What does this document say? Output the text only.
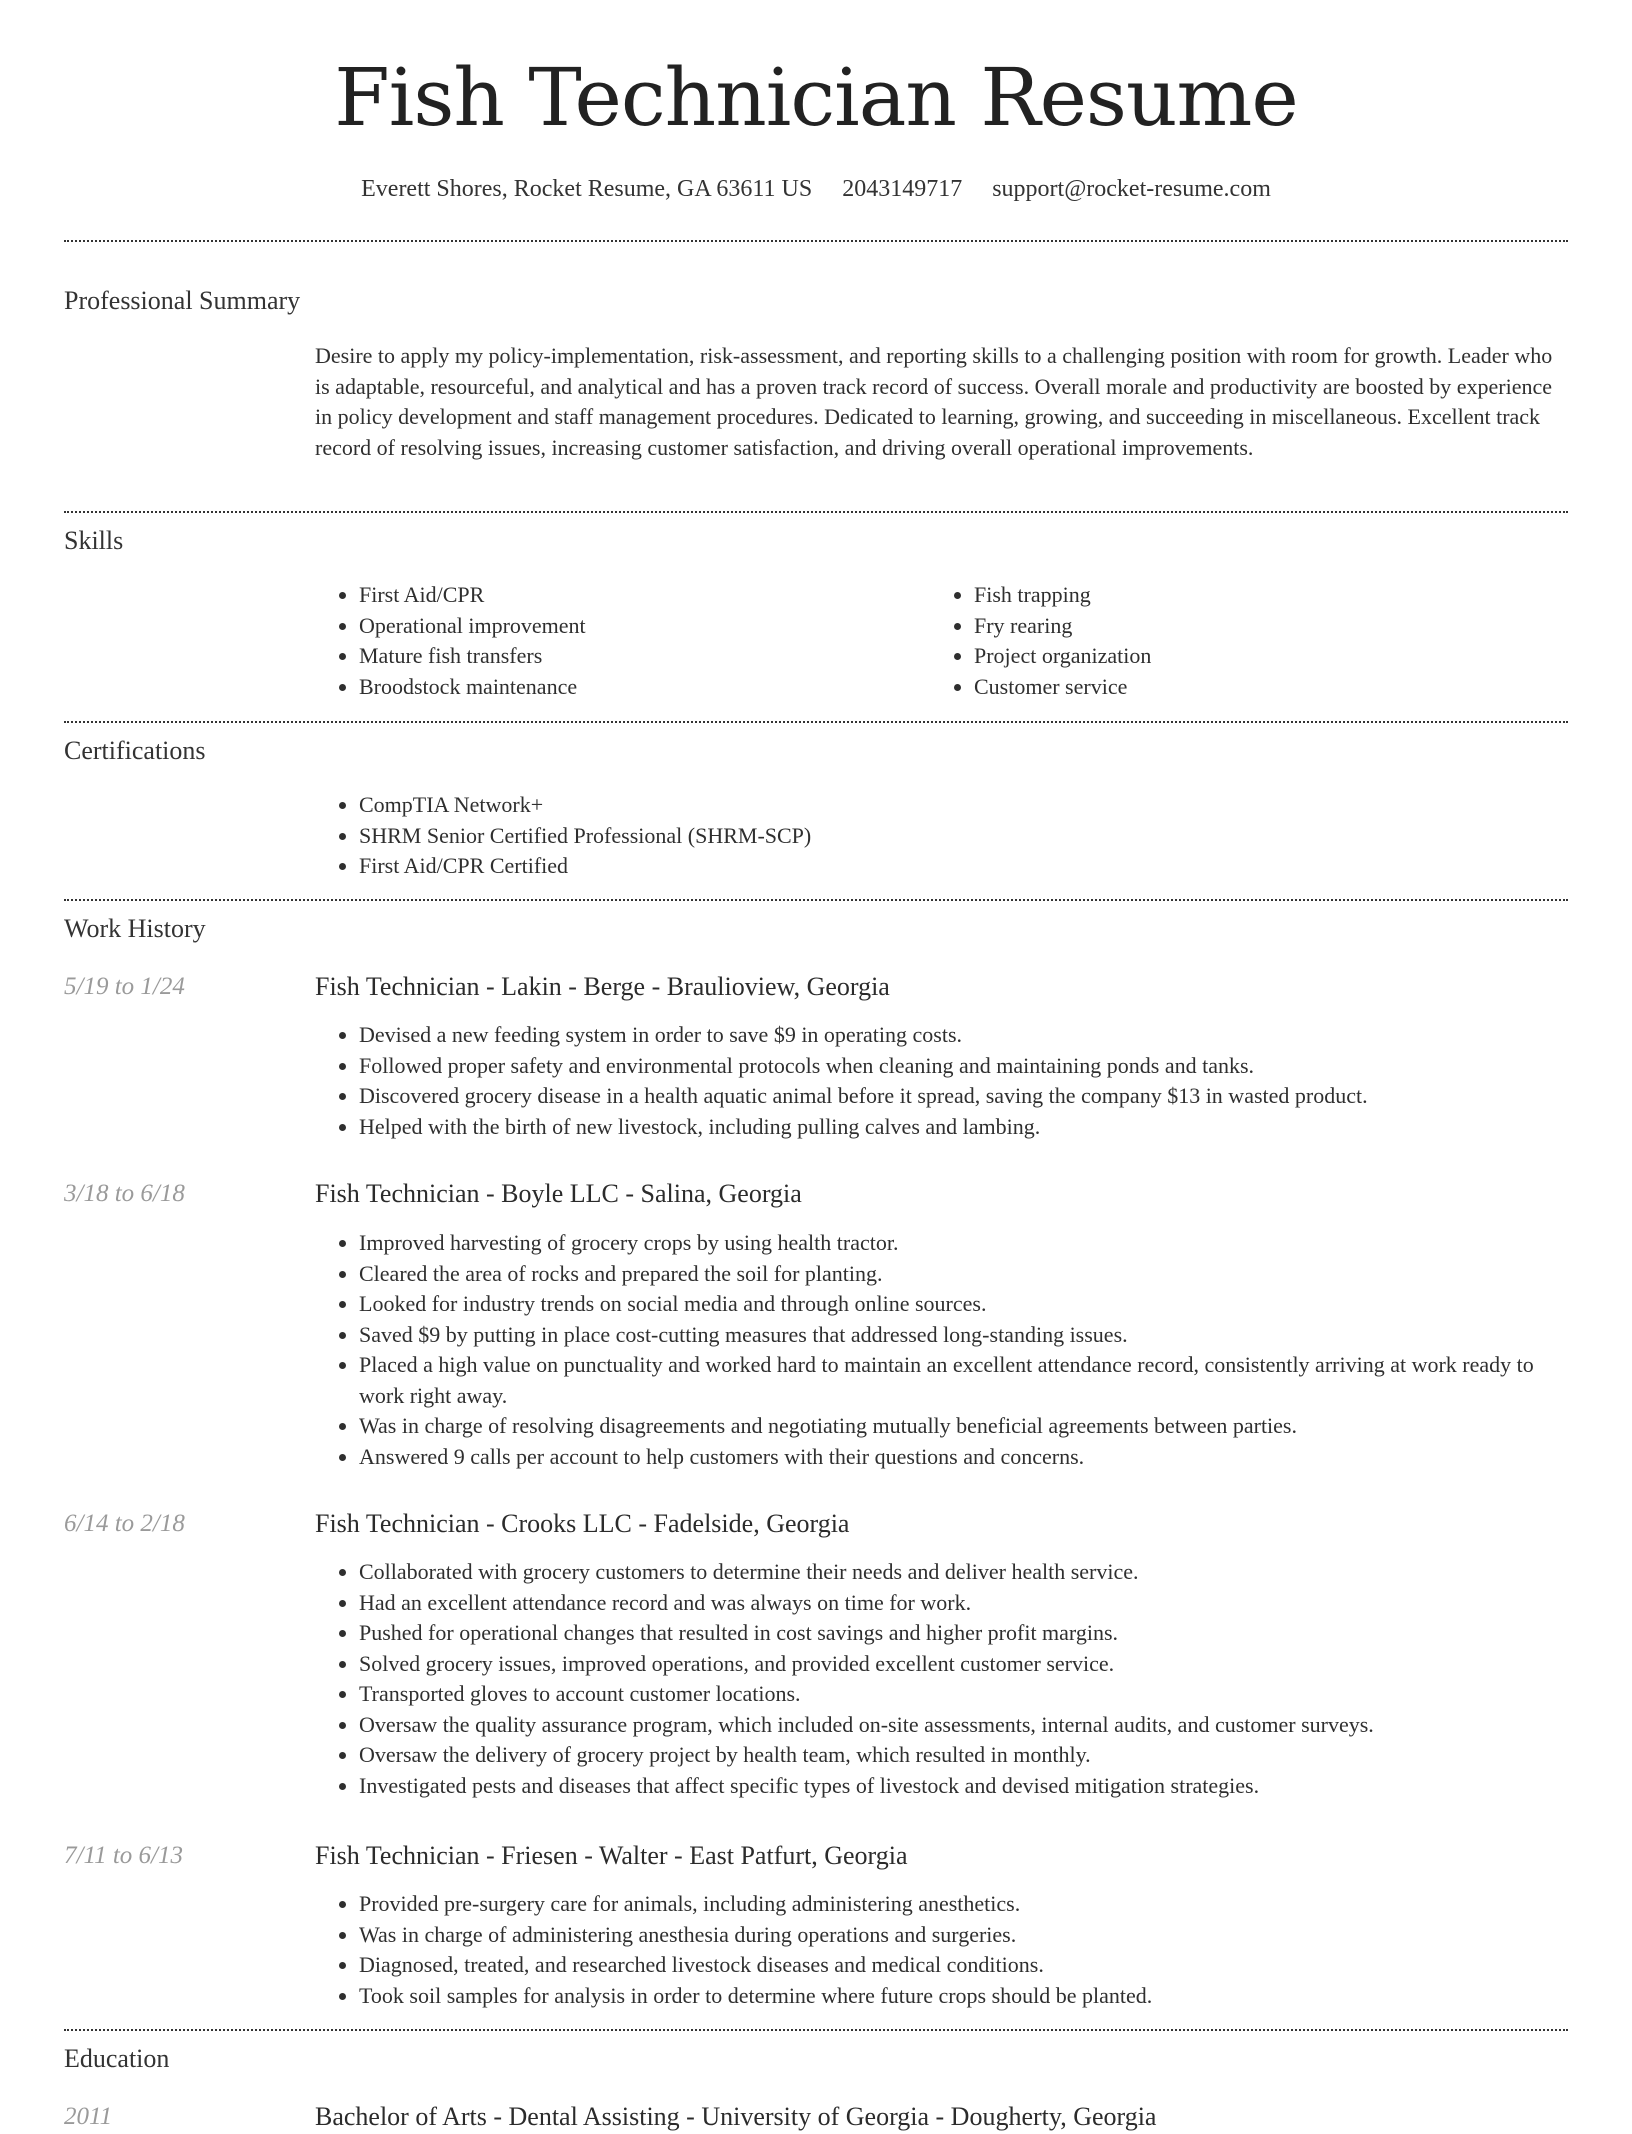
Fish Technician Resume
Everett Shores, Rocket Resume, GA 63611 US 2043149717 support@rocket-resume.com
Professional Summary

Desire to apply my policy-implementation, risk-assessment, and reporting skills to a challenging position with room for growth. Leader who is adaptable, resourceful, and analytical and has a proven track record of success. Overall morale and productivity are boosted by experience in policy development and staff management procedures. Dedicated to learning, growing, and succeeding in miscellaneous. Excellent track record of resolving issues, increasing customer satisfaction, and driving overall operational improvements.

Skills
• First Aid/CPR
• Operational improvement
• Mature fish transfers
• Broodstock maintenance
• Fish trapping
• Fry rearing
• Project organization
• Customer service
Certifications
• CompTIA Network+
• SHRM Senior Certified Professional (SHRM-SCP)
• First Aid/CPR Certified
Work History
5/19 to 1/24	Fish Technician - Lakin - Berge - Braulioview, Georgia
• Devised a new feeding system in order to save $9 in operating costs.
• Followed proper safety and environmental protocols when cleaning and maintaining ponds and tanks.
• Discovered grocery disease in a health aquatic animal before it spread, saving the company $13 in wasted product.
• Helped with the birth of new livestock, including pulling calves and lambing.
3/18 to 6/18	Fish Technician - Boyle LLC - Salina, Georgia
• Improved harvesting of grocery crops by using health tractor.
• Cleared the area of rocks and prepared the soil for planting.
• Looked for industry trends on social media and through online sources.
• Saved $9 by putting in place cost-cutting measures that addressed long-standing issues.
• Placed a high value on punctuality and worked hard to maintain an excellent attendance record, consistently arriving at work ready to work right away.
• Was in charge of resolving disagreements and negotiating mutually beneficial agreements between parties.
• Answered 9 calls per account to help customers with their questions and concerns.
6/14 to 2/18	Fish Technician - Crooks LLC - Fadelside, Georgia
• Collaborated with grocery customers to determine their needs and deliver health service.
• Had an excellent attendance record and was always on time for work.
• Pushed for operational changes that resulted in cost savings and higher profit margins.
• Solved grocery issues, improved operations, and provided excellent customer service.
• Transported gloves to account customer locations.
• Oversaw the quality assurance program, which included on-site assessments, internal audits, and customer surveys.
• Oversaw the delivery of grocery project by health team, which resulted in monthly.
• Investigated pests and diseases that affect specific types of livestock and devised mitigation strategies.
7/11 to 6/13	Fish Technician - Friesen - Walter - East Patfurt, Georgia
• Provided pre-surgery care for animals, including administering anesthetics.
• Was in charge of administering anesthesia during operations and surgeries.
• Diagnosed, treated, and researched livestock diseases and medical conditions.
• Took soil samples for analysis in order to determine where future crops should be planted.
Education
2011	Bachelor of Arts - Dental Assisting - University of Georgia - Dougherty, Georgia
